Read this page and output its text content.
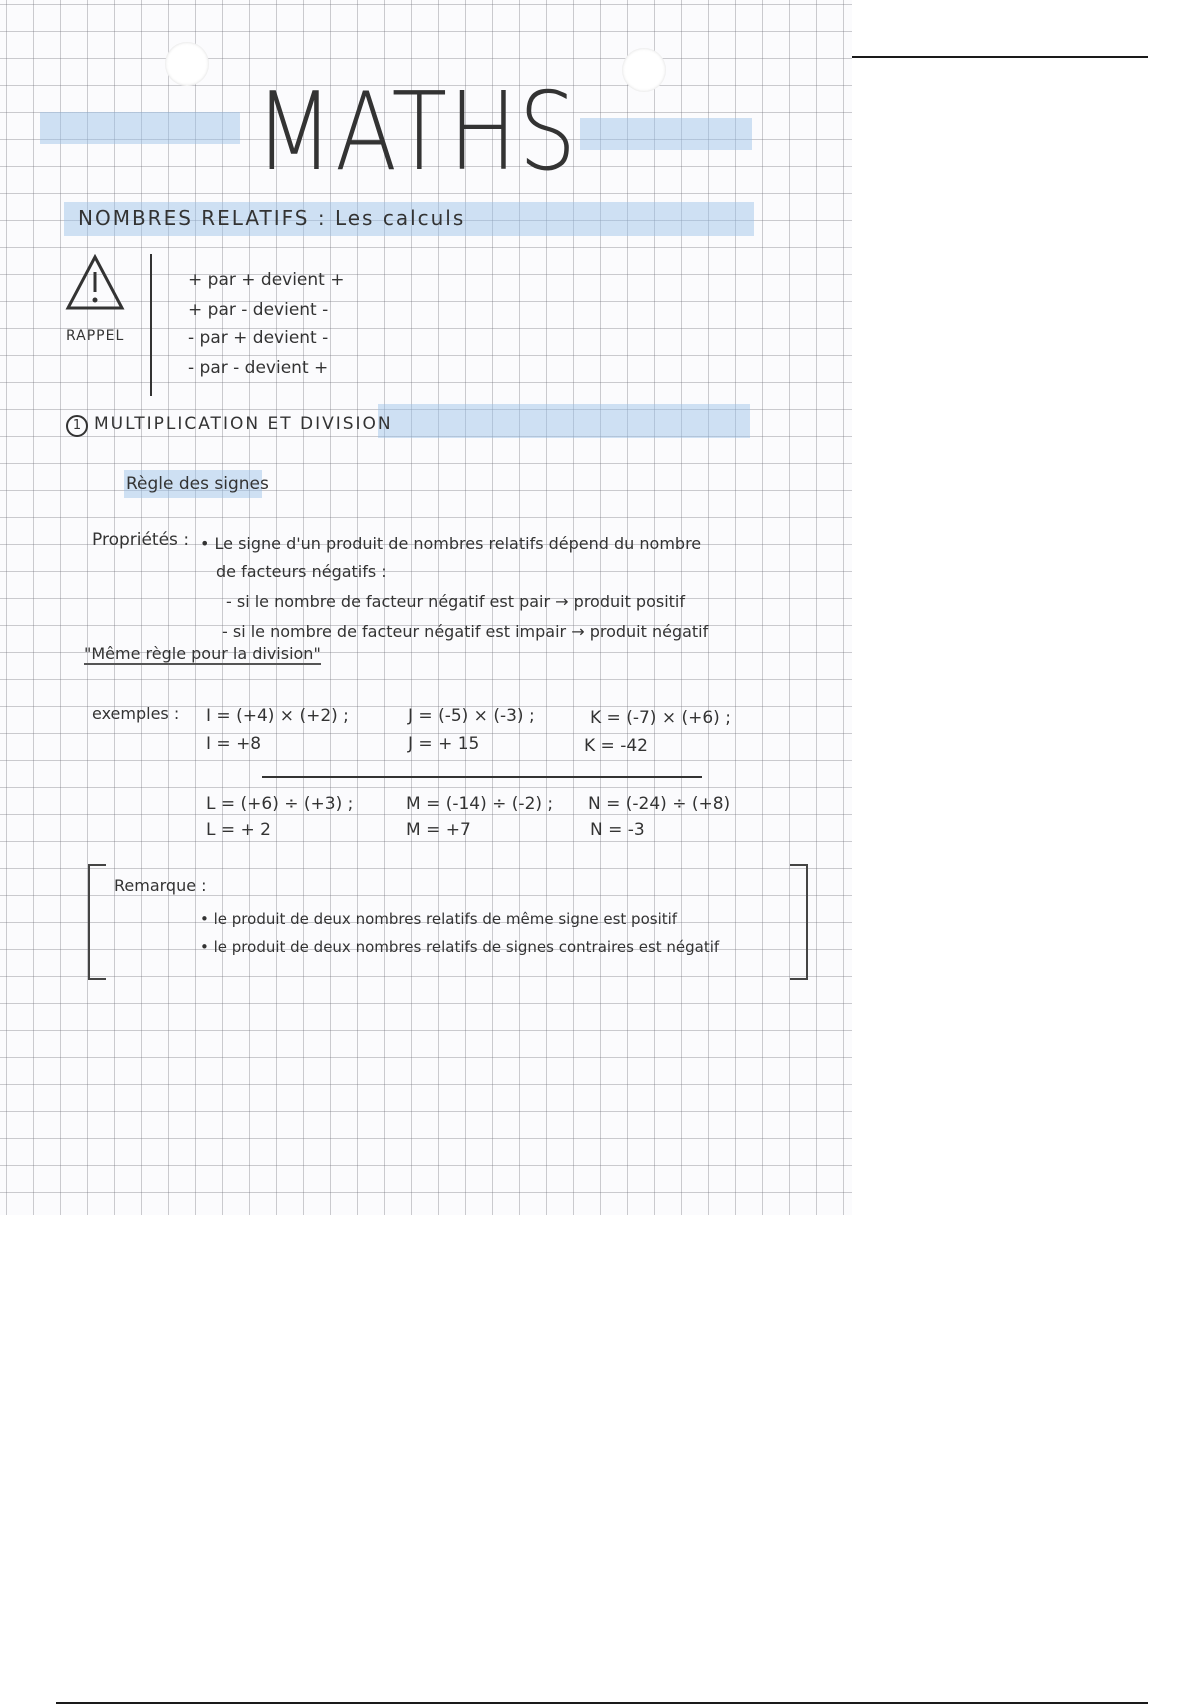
MATHS
NOMBRES RELATIFS : Les calculs
RAPPEL
+ par + devient +
+ par - devient -
- par + devient -
- par - devient +
1 MULTIPLICATION ET DIVISION
Règle des signes
Propriétés : • Le signe d'un produit de nombres relatifs dépend du nombre
de facteurs négatifs :
- si le nombre de facteur négatif est pair → produit positif
- si le nombre de facteur négatif est impair → produit négatif
"Même règle pour la division"
exemples : I = (+4) × (+2) ;
I = +8
J = (-5) × (-3) ;
J = + 15
K = (-7) × (+6) ;
K = -42
L = (+6) ÷ (+3) ;
L = + 2
M = (-14) ÷ (-2) ;
M = +7
N = (-24) ÷ (+8)
N = -3
Remarque :
• le produit de deux nombres relatifs de même signe est positif
• le produit de deux nombres relatifs de signes contraires est négatif
